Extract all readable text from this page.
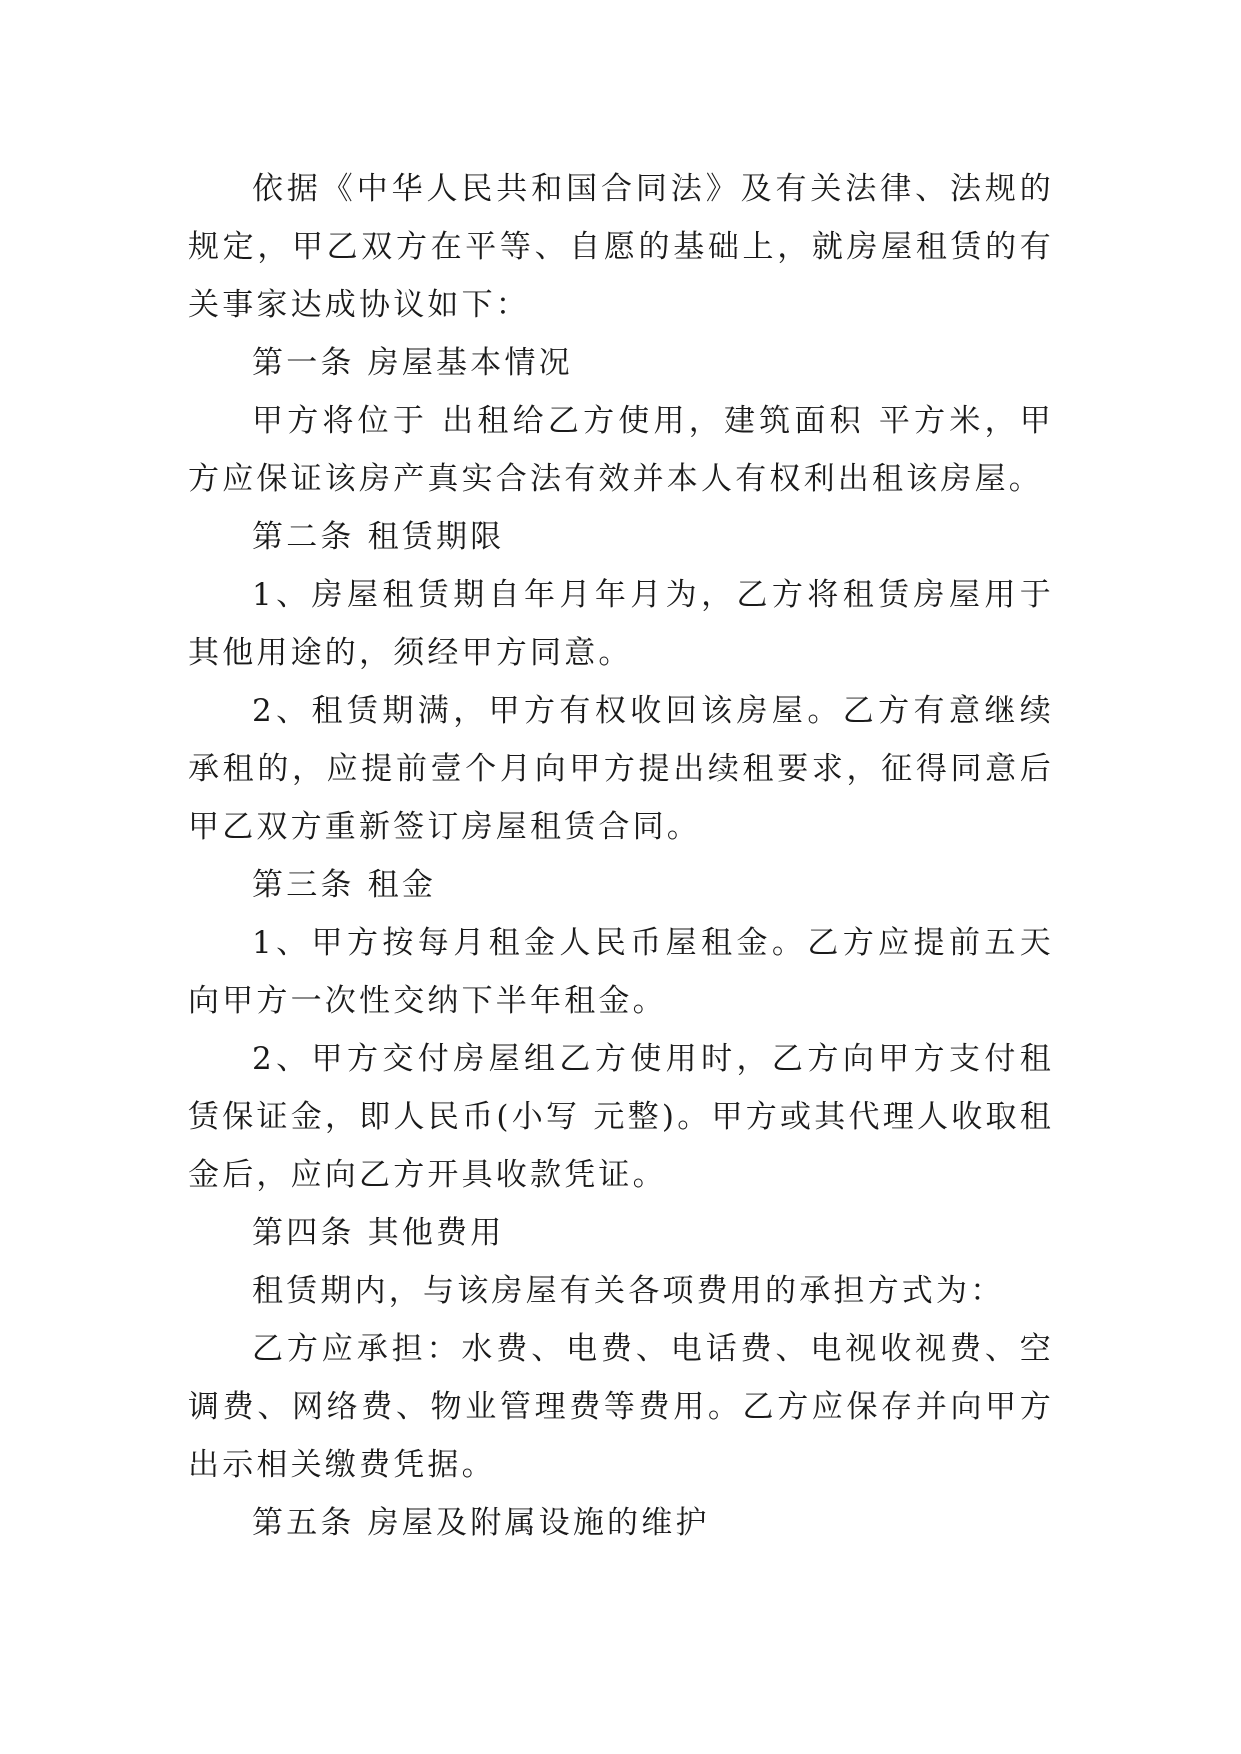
依据《中华人民共和国合同法》及有关法律、法规的规定，甲乙双方在平等、自愿的基础上，就房屋租赁的有关事家达成协议如下：

第一条 房屋基本情况

甲方将位于 出租给乙方使用，建筑面积 平方米，甲方应保证该房产真实合法有效并本人有权利出租该房屋。

第二条 租赁期限

1、房屋租赁期自年月年月为，乙方将租赁房屋用于其他用途的，须经甲方同意。

2、租赁期满，甲方有权收回该房屋。乙方有意继续承租的，应提前壹个月向甲方提出续租要求，征得同意后甲乙双方重新签订房屋租赁合同。

第三条 租金

1、甲方按每月租金人民币屋租金。乙方应提前五天向甲方一次性交纳下半年租金。

2、甲方交付房屋组乙方使用时，乙方向甲方支付租赁保证金，即人民币(小写 元整)。甲方或其代理人收取租金后，应向乙方开具收款凭证。

第四条 其他费用

租赁期内，与该房屋有关各项费用的承担方式为：

乙方应承担：水费、电费、电话费、电视收视费、空调费、网络费、物业管理费等费用。乙方应保存并向甲方出示相关缴费凭据。

第五条 房屋及附属设施的维护
